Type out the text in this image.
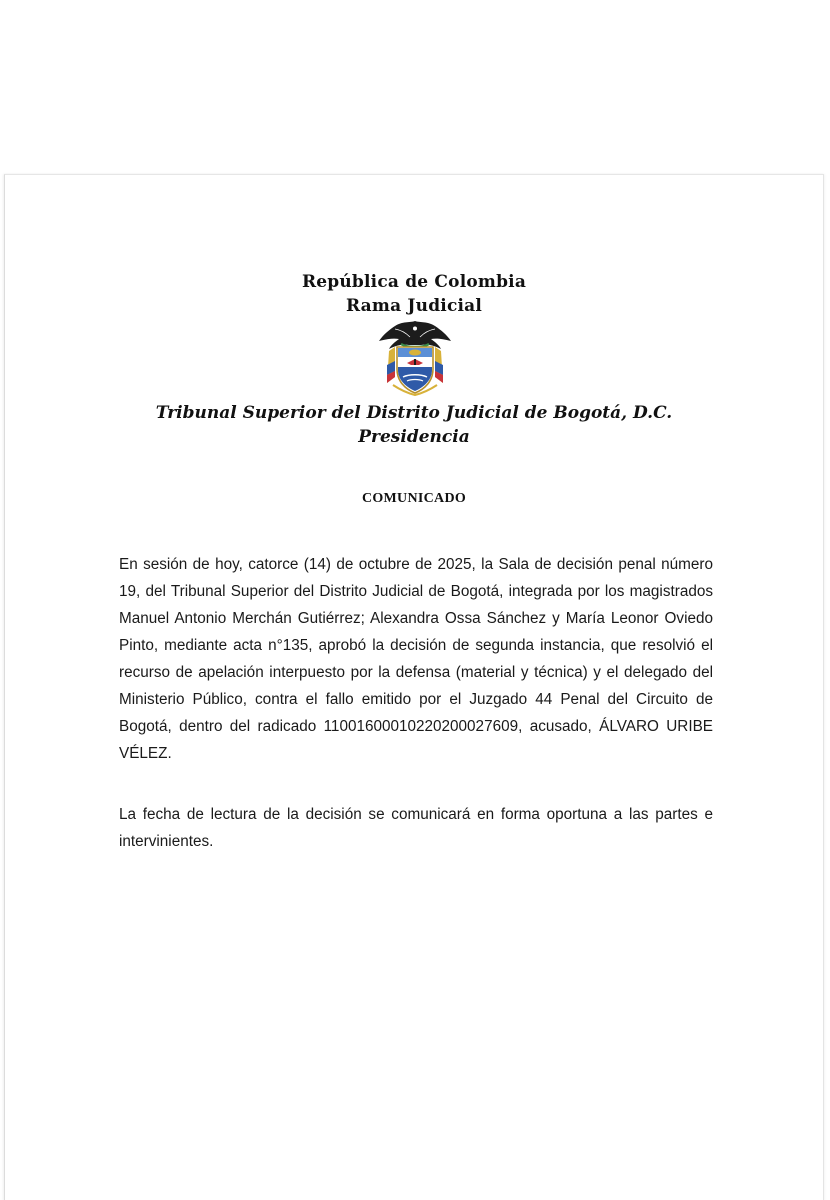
República de Colombia
Rama Judicial
Tribunal Superior del Distrito Judicial de Bogotá, D.C.
Presidencia
COMUNICADO

En sesión de hoy, catorce (14) de octubre de 2025, la Sala de decisión penal número 19, del Tribunal Superior del Distrito Judicial de Bogotá, integrada por los magistrados Manuel Antonio Merchán Gutiérrez; Alexandra Ossa Sánchez y María Leonor Oviedo Pinto, mediante acta n°135, aprobó la decisión de segunda instancia, que resolvió el recurso de apelación interpuesto por la defensa (material y técnica) y el delegado del Ministerio Público, contra el fallo emitido por el Juzgado 44 Penal del Circuito de Bogotá, dentro del radicado 11001600010220200027609, acusado, ÁLVARO URIBE VÉLEZ.

La fecha de lectura de la decisión se comunicará en forma oportuna a las partes e intervinientes.
